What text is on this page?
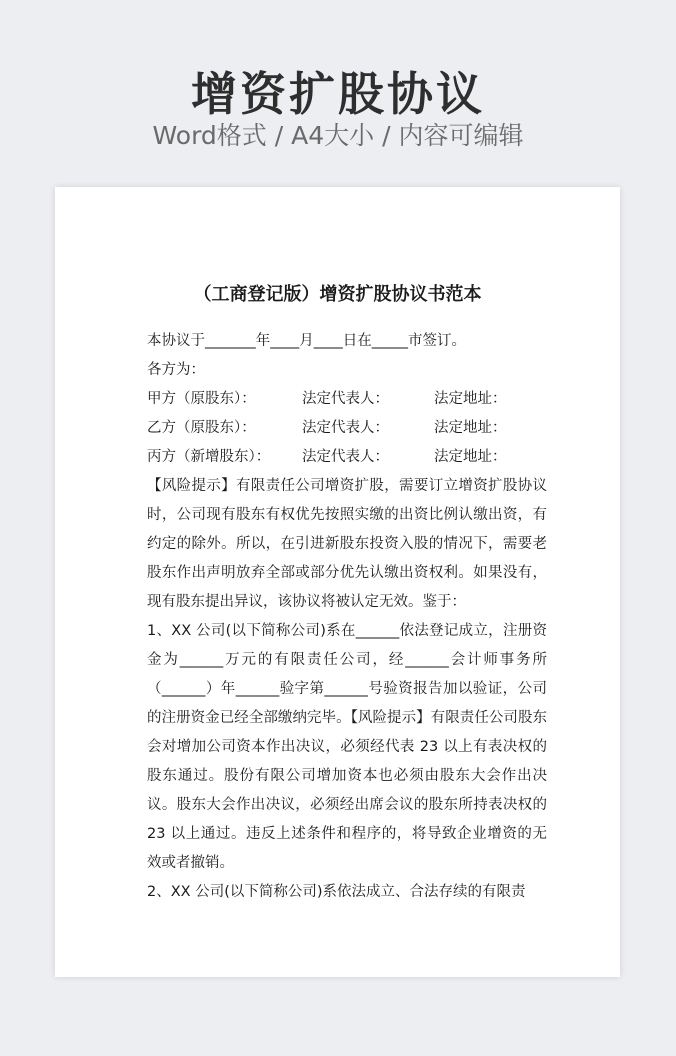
增资扩股协议
Word格式 / A4大小 / 内容可编辑
（工商登记版）增资扩股协议书范本
本协议于_______年____月____日在_____市签订。
各方为：
甲方（原股东）：	法定代表人：	法定地址：
乙方（原股东）：	法定代表人：	法定地址：
丙方（新增股东）：	法定代表人：	法定地址：
【风险提示】有限责任公司增资扩股，需要订立增资扩股协议时，公司现有股东有权优先按照实缴的出资比例认缴出资，有约定的除外。所以，在引进新股东投资入股的情况下，需要老股东作出声明放弃全部或部分优先认缴出资权利。如果没有，现有股东提出异议，该协议将被认定无效。鉴于：
1、XX 公司(以下简称公司)系在______依法登记成立，注册资金为______万元的有限责任公司，经______会计师事务所（______）年______验字第______号验资报告加以验证，公司的注册资金已经全部缴纳完毕。【风险提示】有限责任公司股东会对增加公司资本作出决议，必须经代表 23 以上有表决权的股东通过。股份有限公司增加资本也必须由股东大会作出决议。股东大会作出决议，必须经出席会议的股东所持表决权的 23 以上通过。违反上述条件和程序的，将导致企业增资的无效或者撤销。
2、XX 公司(以下简称公司)系依法成立、合法存续的有限责
